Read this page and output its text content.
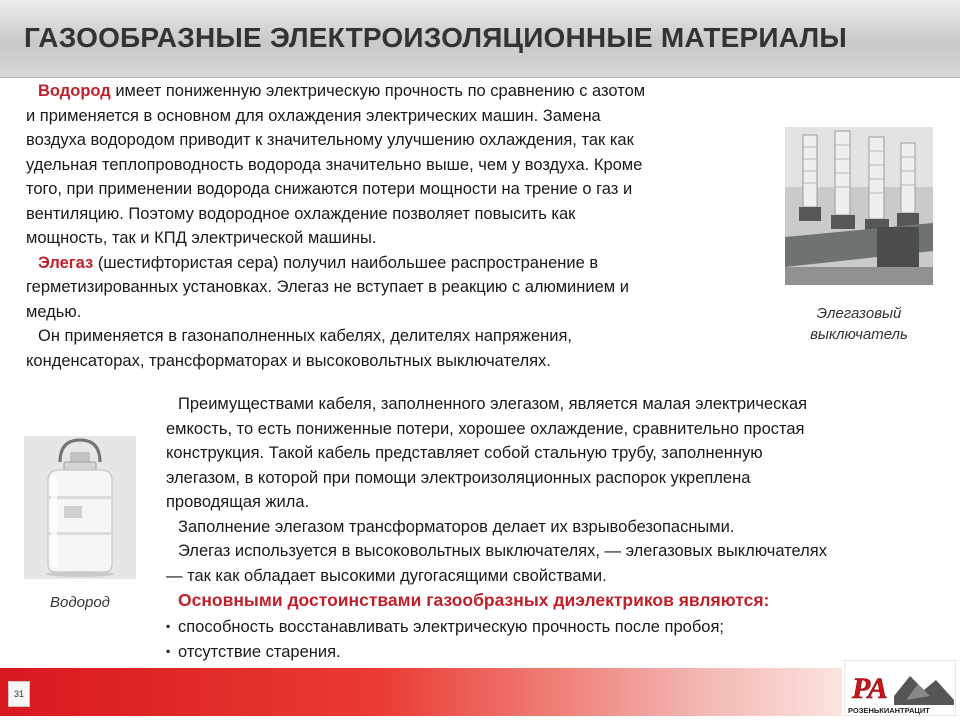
ГАЗООБРАЗНЫЕ ЭЛЕКТРОИЗОЛЯЦИОННЫЕ МАТЕРИАЛЫ

Водород имеет пониженную электрическую прочность по сравнению с азотом
и применяется в основном для охлаждения электрических машин. Замена
воздуха водородом приводит к значительному улучшению охлаждения, так как
удельная теплопроводность водорода значительно выше, чем у воздуха. Кроме
того, при применении водорода снижаются потери мощности на трение о газ и
вентиляцию. Поэтому водородное охлаждение позволяет повысить как
мощность, так и КПД электрической машины.

Элегаз (шестифтористая сера) получил наибольшее распространение в
герметизированных установках. Элегаз не вступает в реакцию с алюминием и
медью.

Он применяется в газонаполненных кабелях, делителях напряжения,
конденсаторах, трансформаторах и высоковольтных выключателях.

Преимуществами кабеля, заполненного элегазом, является малая электрическая
емкость, то есть пониженные потери, хорошее охлаждение, сравнительно простая
конструкция. Такой кабель представляет собой стальную трубу, заполненную
элегазом, в которой при помощи электроизоляционных распорок укреплена
проводящая жила.

Заполнение элегазом трансформаторов делает их взрывобезопасными.

Элегаз используется в высоковольтных выключателях, — элегазовых выключателях
— так как обладает высокими дугогасящими свойствами.

Основными достоинствами газообразных диэлектриков являются:

▪ способность восстанавливать электрическую прочность после пробоя;

▪ отсутствие старения.

Элегазовый
выключатель
Водород
31	РА
РОЗЕНЬКИАНТРАЦИТ
